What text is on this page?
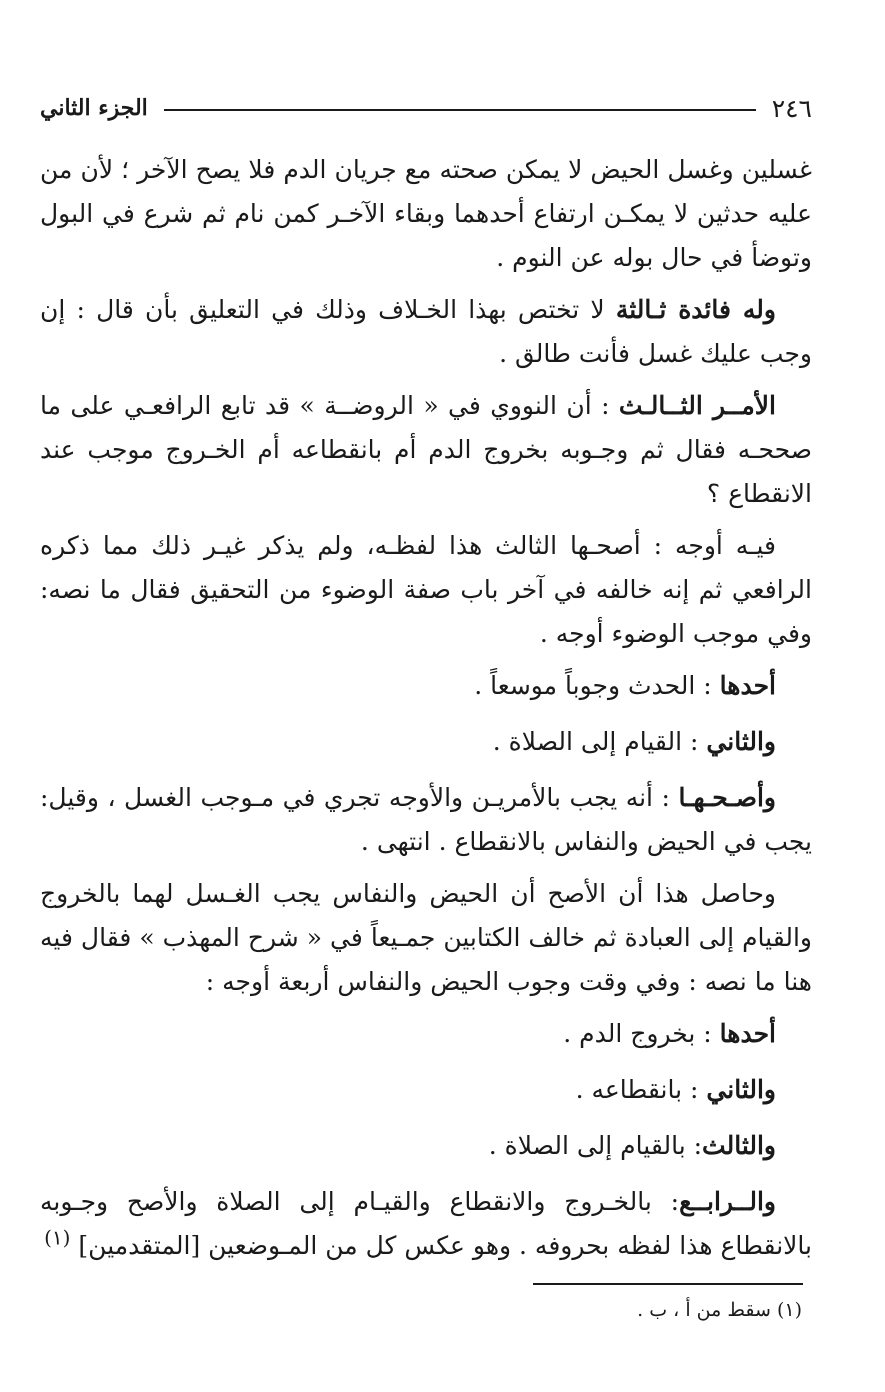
٢٤٦
الجزء الثاني

غسلين وغسل الحيض لا يمكن صحته مع جريان الدم فلا يصح الآخر ؛ لأن من عليه حدثين لا يمكـن ارتفاع أحدهما وبقاء الآخـر كمن نام ثم شرع في البول وتوضأ في حال بوله عن النوم .

وله فائدة ثـالثة لا تختص بهذا الخـلاف وذلك في التعليق بأن قال : إن وجب عليك غسل فأنت طالق .

الأمــر الثــالـث : أن النووي في « الروضــة » قد تابع الرافعـي على ما صححـه فقال ثم وجـوبه بخروج الدم أم بانقطاعه أم الخـروج موجب عند الانقطاع ؟

فيـه أوجه : أصحـها الثالث هذا لفظـه، ولم يذكر غيـر ذلك مما ذكره الرافعي ثم إنه خالفه في آخر باب صفة الوضوء من التحقيق فقال ما نصه: وفي موجب الوضوء أوجه .

أحدها : الحدث وجوباً موسعاً .

والثاني : القيام إلى الصلاة .

وأصـحـهـا : أنه يجب بالأمريـن والأوجه تجري في مـوجب الغسل ، وقيل: يجب في الحيض والنفاس بالانقطاع . انتهى .

وحاصل هذا أن الأصح أن الحيض والنفاس يجب الغـسل لهما بالخروج والقيام إلى العبادة ثم خالف الكتابين جمـيعاً في « شرح المهذب » فقال فيه هنا ما نصه : وفي وقت وجوب الحيض والنفاس أربعة أوجه :

أحدها : بخروج الدم .

والثاني : بانقطاعه .

والثالث: بالقيام إلى الصلاة .

والــرابــع: بالخـروج والانقطاع والقيـام إلى الصلاة والأصح وجـوبه بالانقطاع هذا لفظه بحروفه . وهو عكس كل من المـوضعين [المتقدمين] $^{(١)}$

(١) سقط من أ ، ب .
